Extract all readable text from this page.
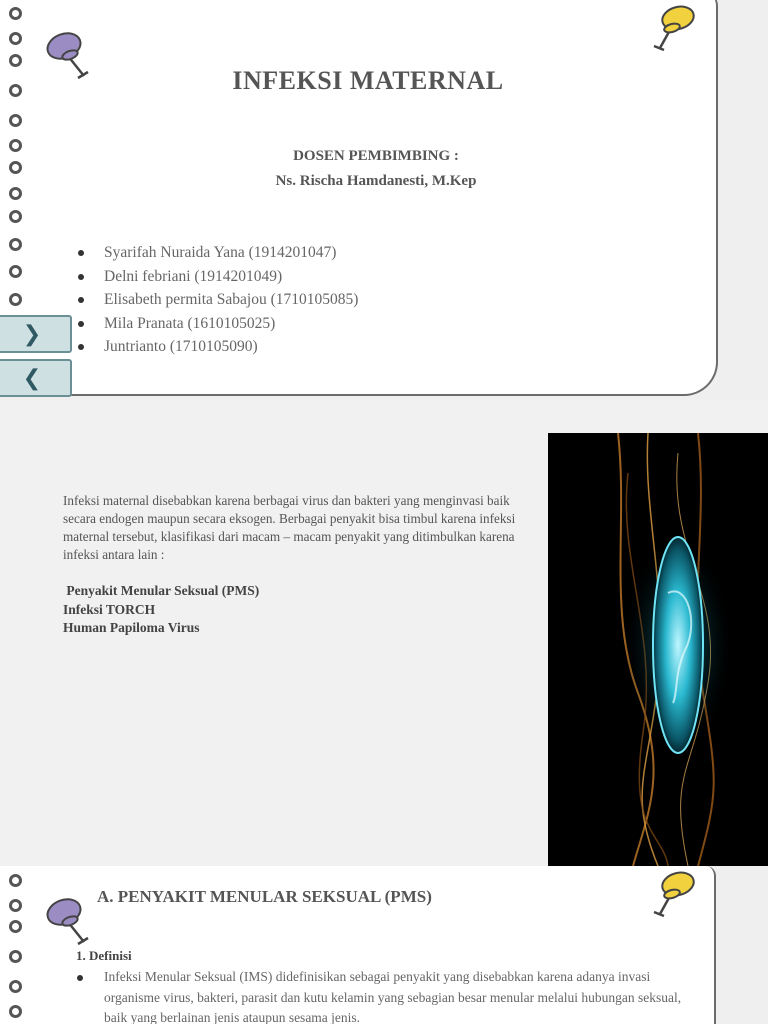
INFEKSI MATERNAL
DOSEN PEMBIMBING :
Ns. Rischa Hamdanesti, M.Kep
Syarifah Nuraida Yana (1914201047)
Delni febriani (1914201049)
Elisabeth permita Sabajou (1710105085)
Mila Pranata (1610105025)
Juntrianto (1710105090)
❯
❮

Infeksi maternal disebabkan karena berbagai virus dan bakteri yang menginvasi baik secara endogen maupun secara eksogen. Berbagai penyakit bisa timbul karena infeksi maternal tersebut, klasifikasi dari macam – macam penyakit yang ditimbulkan karena infeksi antara lain :

Penyakit Menular Seksual (PMS)
Infeksi TORCH
Human Papiloma Virus
A. PENYAKIT MENULAR SEKSUAL (PMS)
1. Definisi

Infeksi Menular Seksual (IMS) didefinisikan sebagai penyakit yang disebabkan karena adanya invasi organisme virus, bakteri, parasit dan kutu kelamin yang sebagian besar menular melalui hubungan seksual, baik yang berlainan jenis ataupun sesama jenis.
